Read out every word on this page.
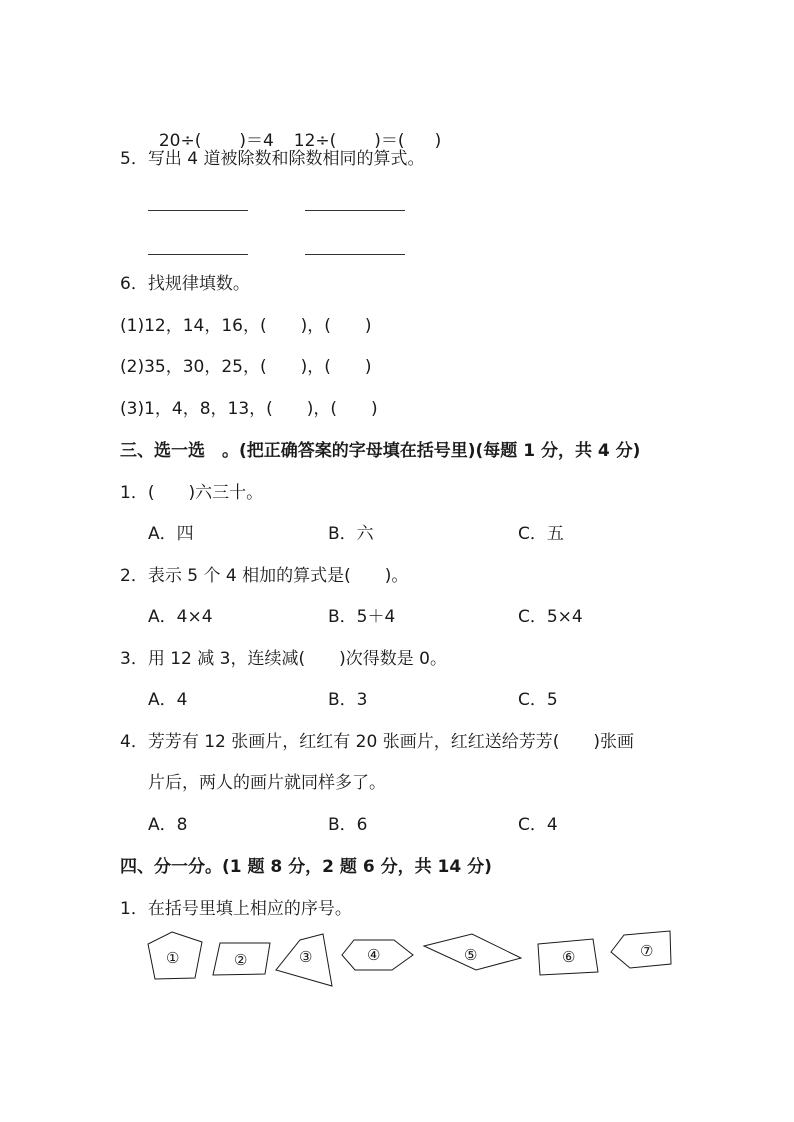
20÷( )＝4 12÷( )＝( )

5．写出 4 道被除数和除数相同的算式。
6．找规律填数。
(1)12，14，16，(　　)，(　　)
(2)35，30，25，(　　)，(　　)
(3)1，4，8，13，(　　)，(　　)
三、选一选　。(把正确答案的字母填在括号里)(每题 1 分，共 4 分)
1．(　　)六三十。
A．四	B．六	C．五
2．表示 5 个 4 相加的算式是(　　)。
A．4×4	B．5＋4	C．5×4
3．用 12 减 3，连续减(　　)次得数是 0。
A．4	B．3	C．5
4．芳芳有 12 张画片，红红有 20 张画片，红红送给芳芳(　　)张画
片后，两人的画片就同样多了。
A．8	B．6	C．4
四、分一分。(1 题 8 分，2 题 6 分，共 14 分)
1．在括号里填上相应的序号。
①	②	③	④	⑤	⑥	⑦
